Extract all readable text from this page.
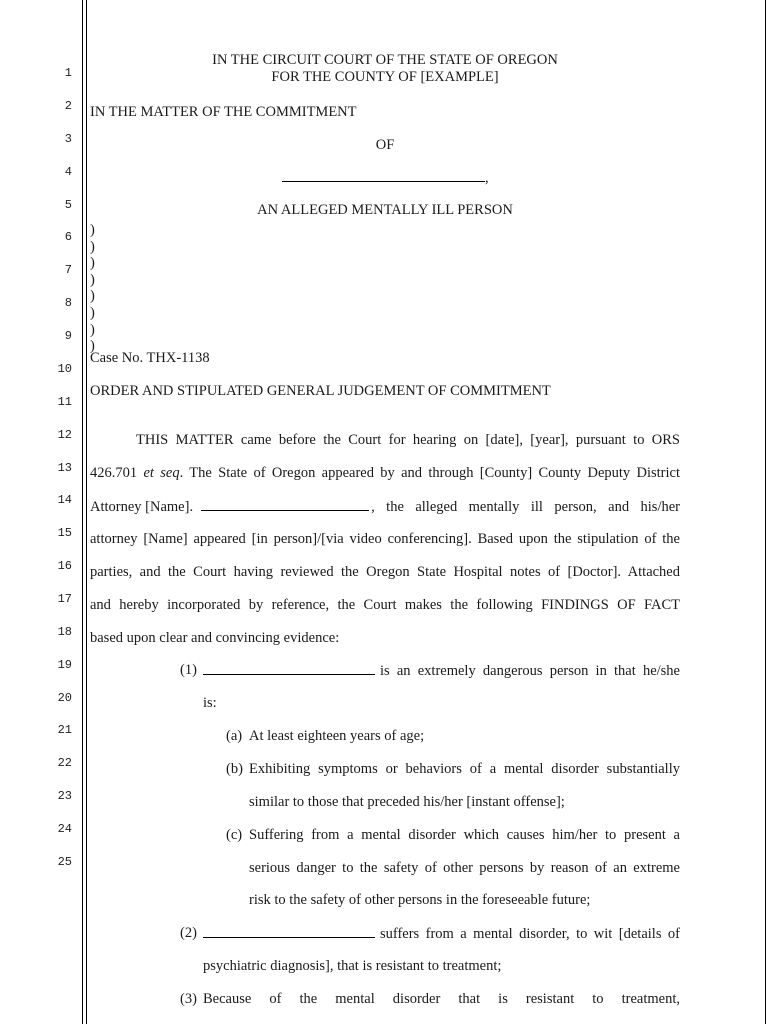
1
2
3
4
5
6
7
8
9
10
11
12
13
14
15
16
17
18
19
20
21
22
23
24
25
IN THE CIRCUIT COURT OF THE STATE OF OREGON
FOR THE COUNTY OF [EXAMPLE]
IN THE MATTER OF THE COMMITMENT
OF
,
AN ALLEGED MENTALLY ILL PERSON
)
)
)
)
)
)
)
)
Case No. THX-1138
ORDER AND STIPULATED GENERAL JUDGEMENT OF COMMITMENT
THIS MATTER came before the Court for hearing on [date], [year], pursuant to ORS
426.701 et seq. The State of Oregon appeared by and through [County] County Deputy District
Attorney [Name].	, the alleged mentally ill person, and his/her
attorney [Name] appeared [in person]/[via video conferencing]. Based upon the stipulation of the
parties, and the Court having reviewed the Oregon State Hospital notes of [Doctor]. Attached
and hereby incorporated by reference, the Court makes the following FINDINGS OF FACT
based upon clear and convincing evidence:
(1)	is an extremely dangerous person in that he/she
is:
(a) At least eighteen years of age;
(b) Exhibiting symptoms or behaviors of a mental disorder substantially
similar to those that preceded his/her [instant offense];
(c) Suffering from a mental disorder which causes him/her to present a
serious danger to the safety of other persons by reason of an extreme
risk to the safety of other persons in the foreseeable future;
(2)	suffers from a mental disorder, to wit [details of
psychiatric diagnosis], that is resistant to treatment;
(3) Because of the mental disorder that is resistant to treatment,
